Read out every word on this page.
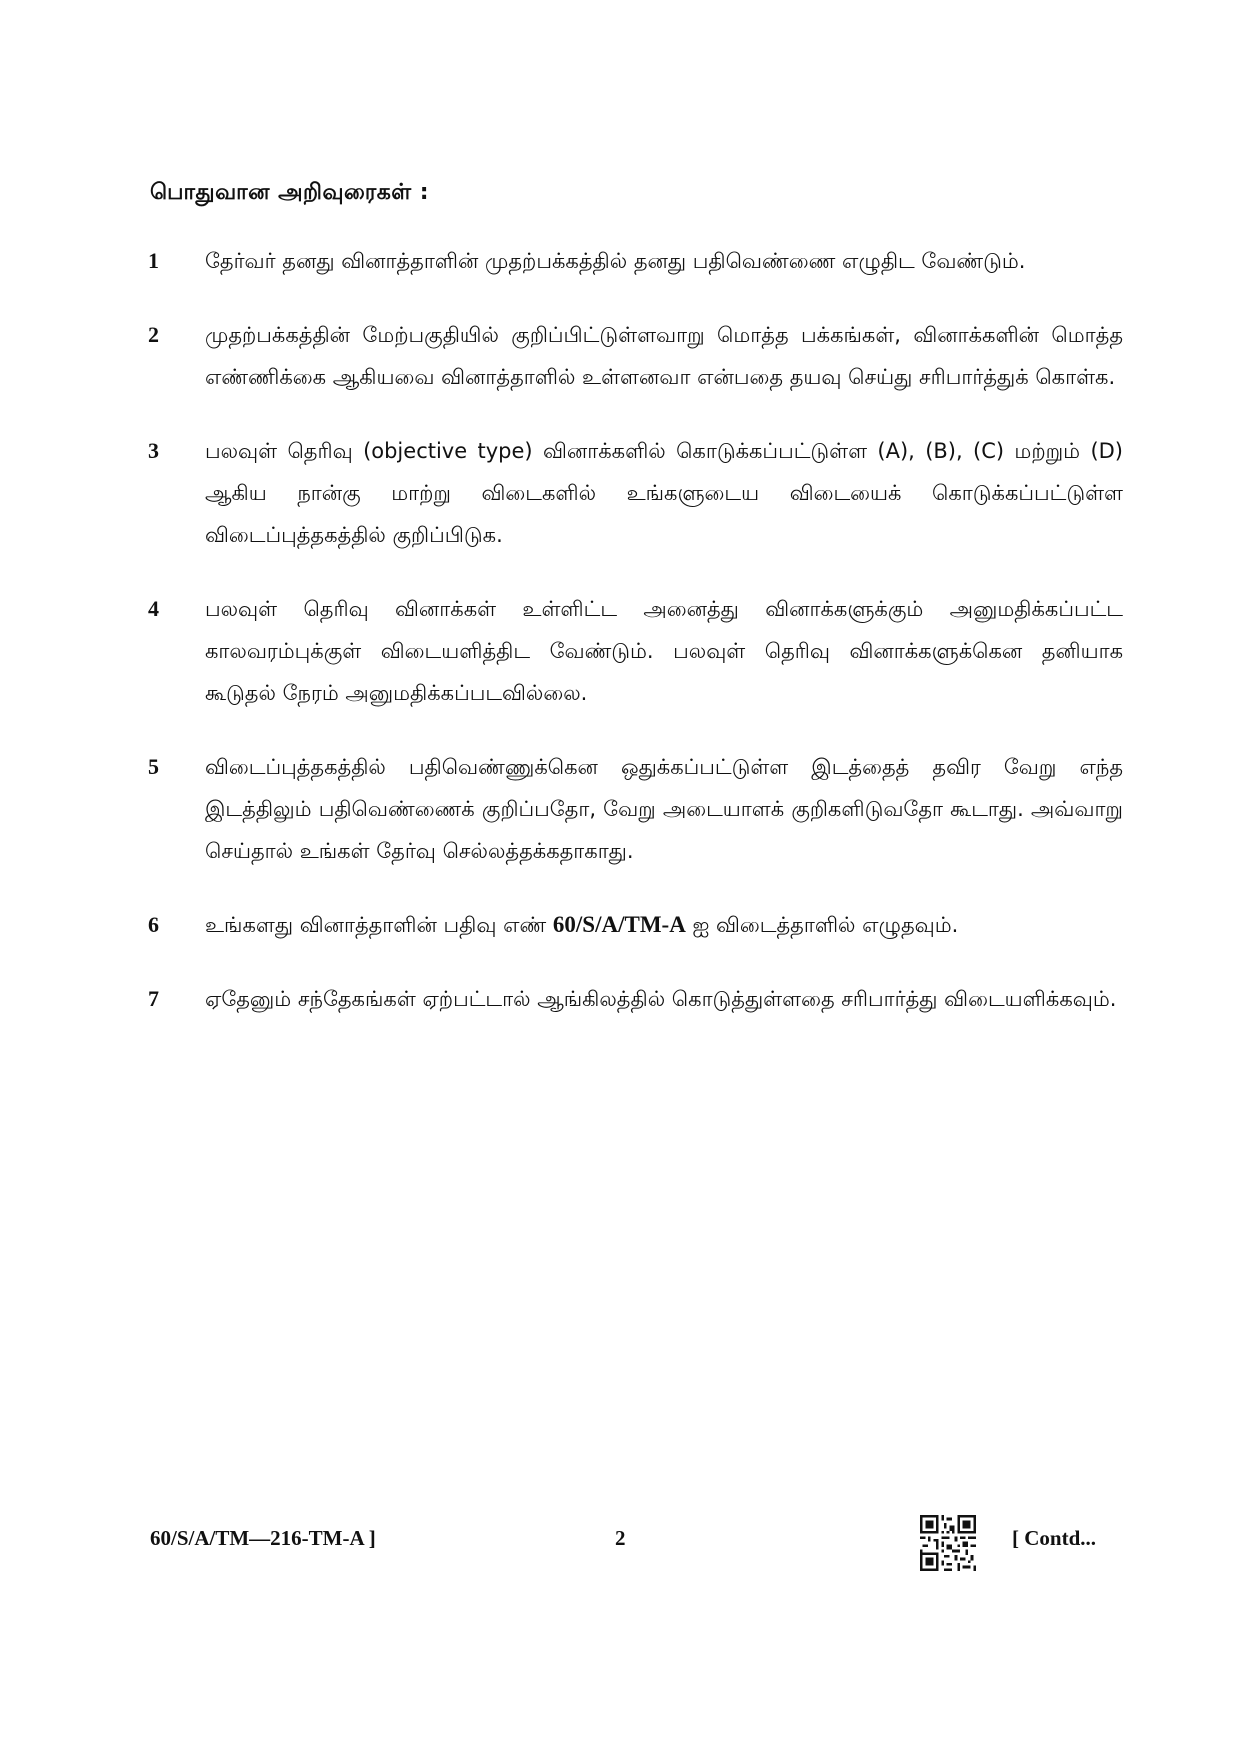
பொதுவான அறிவுரைகள் :
1	தேர்வர் தனது வினாத்தாளின் முதற்பக்கத்தில் தனது பதிவெண்ணை எழுதிட வேண்டும்.
2	முதற்பக்கத்தின் மேற்பகுதியில் குறிப்பிட்டுள்ளவாறு மொத்த பக்கங்கள், வினாக்களின் மொத்த எண்ணிக்கை ஆகியவை வினாத்தாளில் உள்ளனவா என்பதை தயவு செய்து சரிபார்த்துக் கொள்க.
3	பலவுள் தெரிவு (objective type) வினாக்களில் கொடுக்கப்பட்டுள்ள (A), (B), (C) மற்றும் (D) ஆகிய நான்கு மாற்று விடைகளில் உங்களுடைய விடையைக் கொடுக்கப்பட்டுள்ள விடைப்புத்தகத்தில் குறிப்பிடுக.
4	பலவுள் தெரிவு வினாக்கள் உள்ளிட்ட அனைத்து வினாக்களுக்கும் அனுமதிக்கப்பட்ட காலவரம்புக்குள் விடையளித்திட வேண்டும். பலவுள் தெரிவு வினாக்களுக்கென தனியாக கூடுதல் நேரம் அனுமதிக்கப்படவில்லை.
5	விடைப்புத்தகத்தில் பதிவெண்ணுக்கென ஒதுக்கப்பட்டுள்ள இடத்தைத் தவிர வேறு எந்த இடத்திலும் பதிவெண்ணைக் குறிப்பதோ, வேறு அடையாளக் குறிகளிடுவதோ கூடாது. அவ்வாறு செய்தால் உங்கள் தேர்வு செல்லத்தக்கதாகாது.
6	உங்களது வினாத்தாளின் பதிவு எண் 60/S/A/TM-A ஐ விடைத்தாளில் எழுதவும்.
7	ஏதேனும் சந்தேகங்கள் ஏற்பட்டால் ஆங்கிலத்தில் கொடுத்துள்ளதை சரிபார்த்து விடையளிக்கவும்.
60/S/A/TM—216-TM-A ]	2	[ Contd...
